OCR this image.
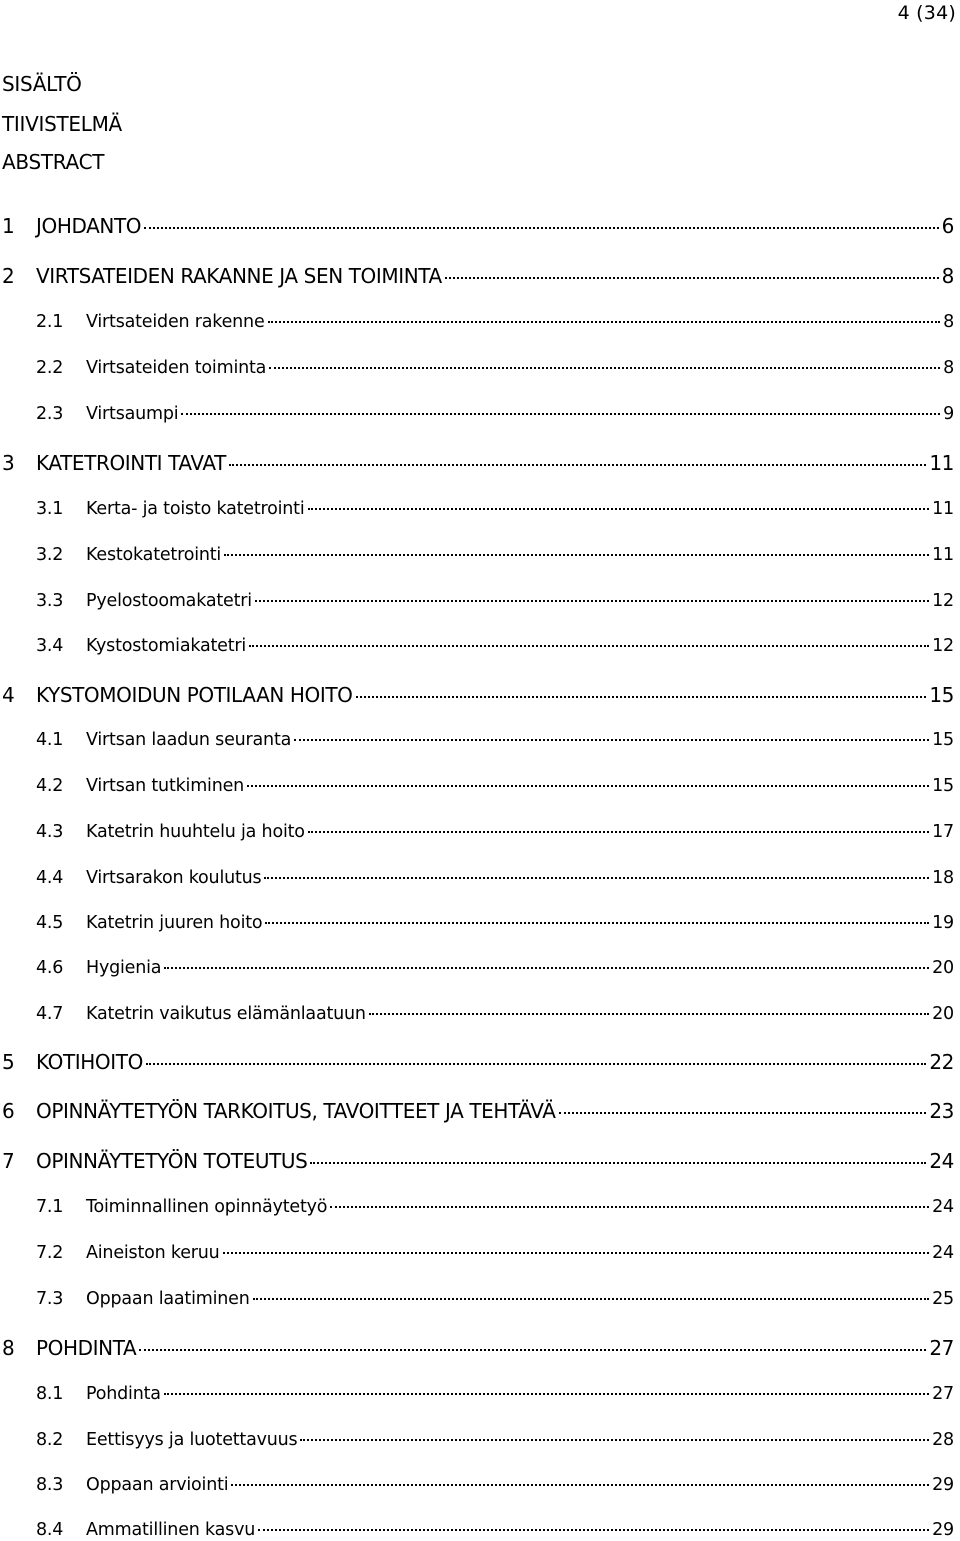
4 (34)
SISÄLTÖ
TIIVISTELMÄ
ABSTRACT
1	JOHDANTO	6
2	VIRTSATEIDEN RAKANNE JA SEN TOIMINTA	8
2.1	Virtsateiden rakenne	8
2.2	Virtsateiden toiminta	8
2.3	Virtsaumpi	9
3	KATETROINTI TAVAT	11
3.1	Kerta- ja toisto katetrointi	11
3.2	Kestokatetrointi	11
3.3	Pyelostoomakatetri	12
3.4	Kystostomiakatetri	12
4	KYSTOMOIDUN POTILAAN HOITO	15
4.1	Virtsan laadun seuranta	15
4.2	Virtsan tutkiminen	15
4.3	Katetrin huuhtelu ja hoito	17
4.4	Virtsarakon koulutus	18
4.5	Katetrin juuren hoito	19
4.6	Hygienia	20
4.7	Katetrin vaikutus elämänlaatuun	20
5	KOTIHOITO	22
6	OPINNÄYTETYÖN TARKOITUS, TAVOITTEET JA TEHTÄVÄ	23
7	OPINNÄYTETYÖN TOTEUTUS	24
7.1	Toiminnallinen opinnäytetyö	24
7.2	Aineiston keruu	24
7.3	Oppaan laatiminen	25
8	POHDINTA	27
8.1	Pohdinta	27
8.2	Eettisyys ja luotettavuus	28
8.3	Oppaan arviointi	29
8.4	Ammatillinen kasvu	29
